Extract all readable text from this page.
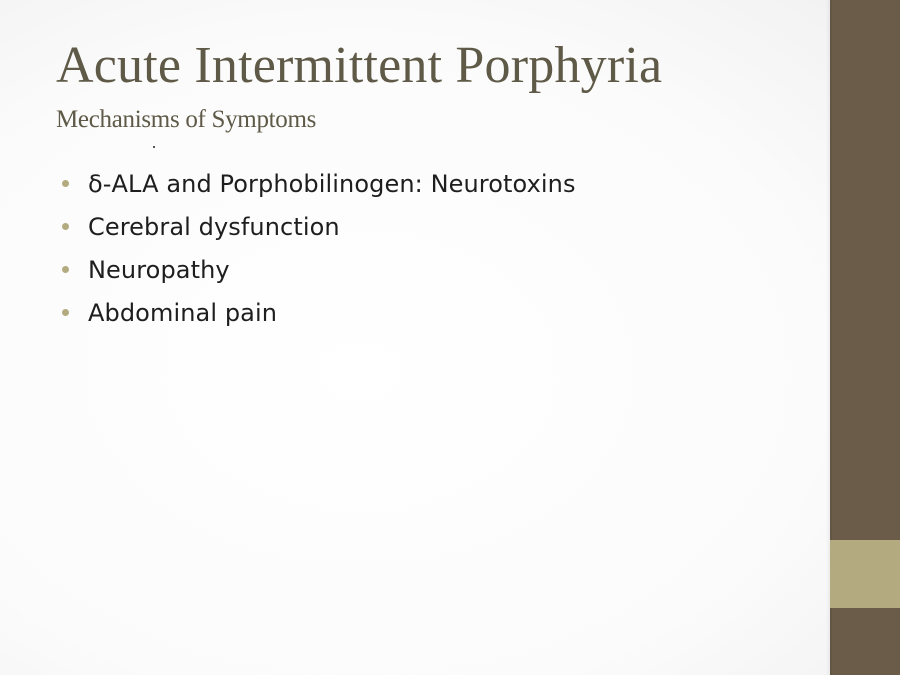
Acute Intermittent Porphyria
Mechanisms of Symptoms
δ-ALA and Porphobilinogen: Neurotoxins
Cerebral dysfunction
Neuropathy
Abdominal pain
